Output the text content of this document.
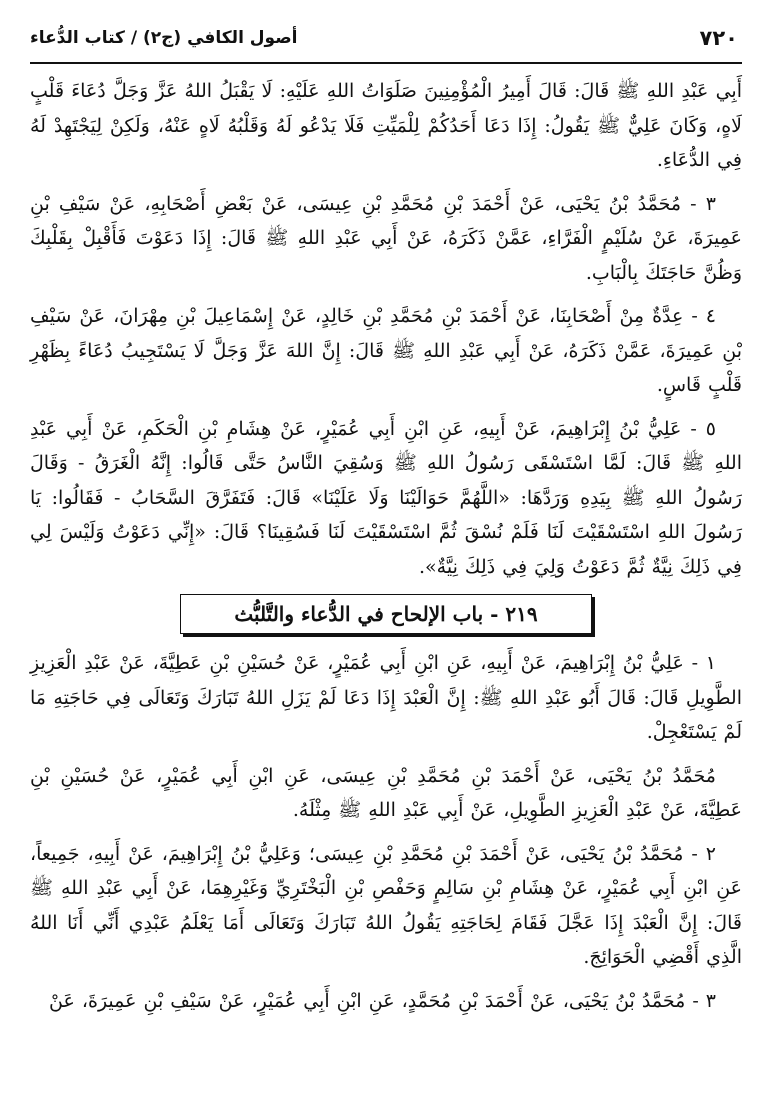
٧٢٠
أصول الكافي (ج٢) / كتاب الدُّعاء

أَبِي عَبْدِ اللهِ ﷺ قَالَ: قَالَ أَمِيرُ الْمُؤْمِنِينَ صَلَوَاتُ اللهِ عَلَيْهِ: لَا يَقْبَلُ اللهُ عَزَّ وَجَلَّ دُعَاءَ قَلْبٍ لَاهٍ، وَكَانَ عَلِيٌّ ﷺ يَقُولُ: إِذَا دَعَا أَحَدُكُمْ لِلْمَيِّتِ فَلَا يَدْعُو لَهُ وَقَلْبُهُ لَاهٍ عَنْهُ، وَلَكِنْ لِيَجْتَهِدْ لَهُ فِي الدُّعَاءِ.

٣ - مُحَمَّدُ بْنُ يَحْيَى، عَنْ أَحْمَدَ بْنِ مُحَمَّدِ بْنِ عِيسَى، عَنْ بَعْضِ أَصْحَابِهِ، عَنْ سَيْفِ بْنِ عَمِيرَةَ، عَنْ سُلَيْمٍ الْفَرَّاءِ، عَمَّنْ ذَكَرَهُ، عَنْ أَبِي عَبْدِ اللهِ ﷺ قَالَ: إِذَا دَعَوْتَ فَأَقْبِلْ بِقَلْبِكَ وَظُنَّ حَاجَتَكَ بِالْبَابِ.

٤ - عِدَّةٌ مِنْ أَصْحَابِنَا، عَنْ أَحْمَدَ بْنِ مُحَمَّدِ بْنِ خَالِدٍ، عَنْ إِسْمَاعِيلَ بْنِ مِهْرَانَ، عَنْ سَيْفِ بْنِ عَمِيرَةَ، عَمَّنْ ذَكَرَهُ، عَنْ أَبِي عَبْدِ اللهِ ﷺ قَالَ: إِنَّ اللهَ عَزَّ وَجَلَّ لَا يَسْتَجِيبُ دُعَاءً بِظَهْرِ قَلْبٍ قَاسٍ.

٥ - عَلِيُّ بْنُ إِبْرَاهِيمَ، عَنْ أَبِيهِ، عَنِ ابْنِ أَبِي عُمَيْرٍ، عَنْ هِشَامِ بْنِ الْحَكَمِ، عَنْ أَبِي عَبْدِ اللهِ ﷺ قَالَ: لَمَّا اسْتَسْقَى رَسُولُ اللهِ ﷺ وَسُقِيَ النَّاسُ حَتَّى قَالُوا: إِنَّهُ الْغَرَقُ - وَقَالَ رَسُولُ اللهِ ﷺ بِيَدِهِ وَرَدَّهَا: «اللَّهُمَّ حَوَالَيْنَا وَلَا عَلَيْنَا» قَالَ: فَتَفَرَّقَ السَّحَابُ - فَقَالُوا: يَا رَسُولَ اللهِ اسْتَسْقَيْتَ لَنَا فَلَمْ نُسْقَ ثُمَّ اسْتَسْقَيْتَ لَنَا فَسُقِينَا؟ قَالَ: «إِنِّي دَعَوْتُ وَلَيْسَ لِي فِي ذَلِكَ نِيَّةٌ ثُمَّ دَعَوْتُ وَلِيَ فِي ذَلِكَ نِيَّةٌ».

٢١٩ - باب الإلحاح في الدُّعاء والتَّلبُّث

١ - عَلِيُّ بْنُ إِبْرَاهِيمَ، عَنْ أَبِيهِ، عَنِ ابْنِ أَبِي عُمَيْرٍ، عَنْ حُسَيْنِ بْنِ عَطِيَّةَ، عَنْ عَبْدِ الْعَزِيزِ الطَّوِيلِ قَالَ: قَالَ أَبُو عَبْدِ اللهِ ﷺ: إِنَّ الْعَبْدَ إِذَا دَعَا لَمْ يَزَلِ اللهُ تَبَارَكَ وَتَعَالَى فِي حَاجَتِهِ مَا لَمْ يَسْتَعْجِلْ.

مُحَمَّدُ بْنُ يَحْيَى، عَنْ أَحْمَدَ بْنِ مُحَمَّدِ بْنِ عِيسَى، عَنِ ابْنِ أَبِي عُمَيْرٍ، عَنْ حُسَيْنِ بْنِ عَطِيَّةَ، عَنْ عَبْدِ الْعَزِيزِ الطَّوِيلِ، عَنْ أَبِي عَبْدِ اللهِ ﷺ مِثْلَهُ.

٢ - مُحَمَّدُ بْنُ يَحْيَى، عَنْ أَحْمَدَ بْنِ مُحَمَّدِ بْنِ عِيسَى؛ وَعَلِيُّ بْنُ إِبْرَاهِيمَ، عَنْ أَبِيهِ، جَمِيعاً، عَنِ ابْنِ أَبِي عُمَيْرٍ، عَنْ هِشَامِ بْنِ سَالِمٍ وَحَفْصِ بْنِ الْبَخْتَرِيِّ وَغَيْرِهِمَا، عَنْ أَبِي عَبْدِ اللهِ ﷺ قَالَ: إِنَّ الْعَبْدَ إِذَا عَجَّلَ فَقَامَ لِحَاجَتِهِ يَقُولُ اللهُ تَبَارَكَ وَتَعَالَى أَمَا يَعْلَمُ عَبْدِي أَنِّي أَنَا اللهُ الَّذِي أَقْضِي الْحَوَائِجَ.

٣ - مُحَمَّدُ بْنُ يَحْيَى، عَنْ أَحْمَدَ بْنِ مُحَمَّدٍ، عَنِ ابْنِ أَبِي عُمَيْرٍ، عَنْ سَيْفِ بْنِ عَمِيرَةَ، عَنْ
